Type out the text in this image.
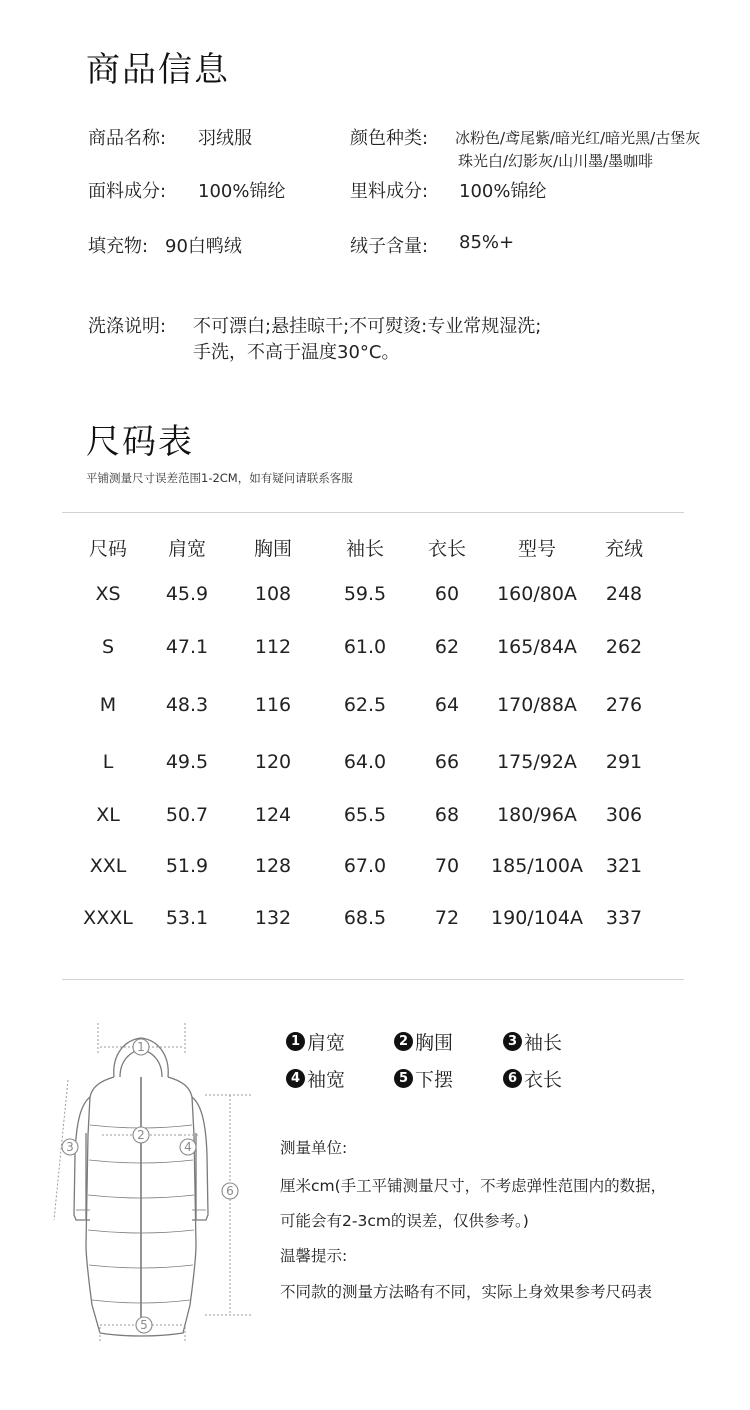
商品信息
商品名称: 羽绒服	颜色种类: 冰粉色/鸢尾紫/暗光红/暗光黑/古堡灰
珠光白/幻影灰/山川墨/墨咖啡
面料成分: 100%锦纶	里料成分: 100%锦纶
填充物: 90白鸭绒	绒子含量: 85%+
洗涤说明: 不可漂白;悬挂晾干;不可熨烫:专业常规湿洗;
手洗，不高于温度30°C。
尺码表
平铺测量尺寸误差范围1-2CM，如有疑问请联系客服
尺码 肩宽	胸围	袖长 衣长	型号	充绒
XS 45.9 108	59.5	60 160/80A 248
S	47.1 112	61.0	62 165/84A 262
M	48.3 116	62.5	64 170/88A 276
L	49.5 120	64.0	66 175/92A 291
XL 50.7 124	65.5	68 180/96A 306
XXL 51.9 128	67.0	70 185/100A 321
XXXL 53.1 132	68.5	72 190/104A 337
1 肩宽	2 胸围	3 袖长
4 袖宽	5 下摆	6 衣长
测量单位:
厘米cm(手工平铺测量尺寸，不考虑弹性范围内的数据，
可能会有2-3cm的误差，仅供参考。)
温馨提示:
不同款的测量方法略有不同，实际上身效果参考尺码表
1
2
3	4
5
6
